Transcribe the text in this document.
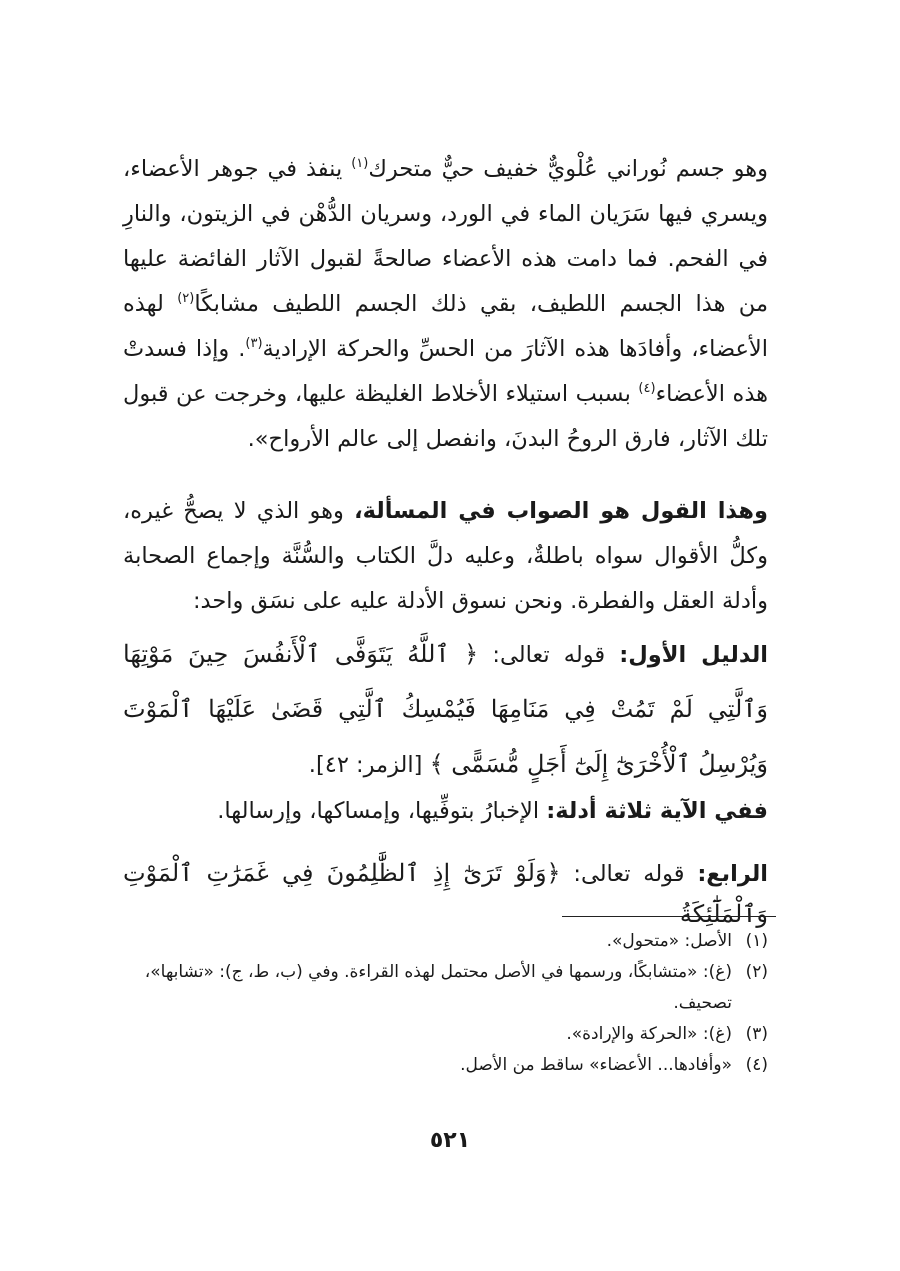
وهو جسم نُوراني عُلْويٌّ خفيف حيٌّ متحرك$^{(١)}$ ينفذ في جوهر الأعضاء، ويسري فيها سَرَيان الماء في الورد، وسريان الدُّهْن في الزيتون، والنارِ في الفحم. فما دامت هذه الأعضاء صالحةً لقبول الآثار الفائضة عليها من هذا الجسم اللطيف، بقي ذلك الجسم اللطيف مشابكًا$^{(٢)}$ لهذه الأعضاء، وأفادَها هذه الآثارَ من الحسِّ والحركة الإرادية$^{(٣)}$. وإذا فسدتْ هذه الأعضاء$^{(٤)}$ بسبب استيلاء الأخلاط الغليظة عليها، وخرجت عن قبول تلك الآثار، فارق الروحُ البدنَ، وانفصل إلى عالم الأرواح».

وهذا القول هو الصواب في المسألة، وهو الذي لا يصحُّ غيره، وكلُّ الأقوال سواه باطلةٌ، وعليه دلَّ الكتاب والسُّنَّة وإجماع الصحابة وأدلة العقل والفطرة. ونحن نسوق الأدلة عليه على نسَق واحد:

الدليل الأول: قوله تعالى: ﴿ ٱللَّهُ يَتَوَفَّى ٱلْأَنفُسَ حِينَ مَوْتِهَا وَٱلَّتِي لَمْ تَمُتْ فِي مَنَامِهَا فَيُمْسِكُ ٱلَّتِي قَضَىٰ عَلَيْهَا ٱلْمَوْتَ وَيُرْسِلُ ٱلْأُخْرَىٰٓ إِلَىٰٓ أَجَلٍ مُّسَمًّى ﴾ [الزمر: ٤٢].

ففي الآية ثلاثة أدلة: الإخبارُ بتوفِّيها، وإمساكها، وإرسالها.

الرابع: قوله تعالى: ﴿وَلَوْ تَرَىٰٓ إِذِ ٱلظَّٰلِمُونَ فِي غَمَرَٰتِ ٱلْمَوْتِ وَٱلْمَلَٰٓئِكَةُ

(١)
الأصل: «متحول».

(٢)
(غ): «متشابكًا، ورسمها في الأصل محتمل لهذه القراءة. وفي (ب، ط، ج): «تشابها»، تصحيف.

(٣)
(غ): «الحركة والإرادة».

(٤)
«وأفادها... الأعضاء» ساقط من الأصل.

٥٢١
